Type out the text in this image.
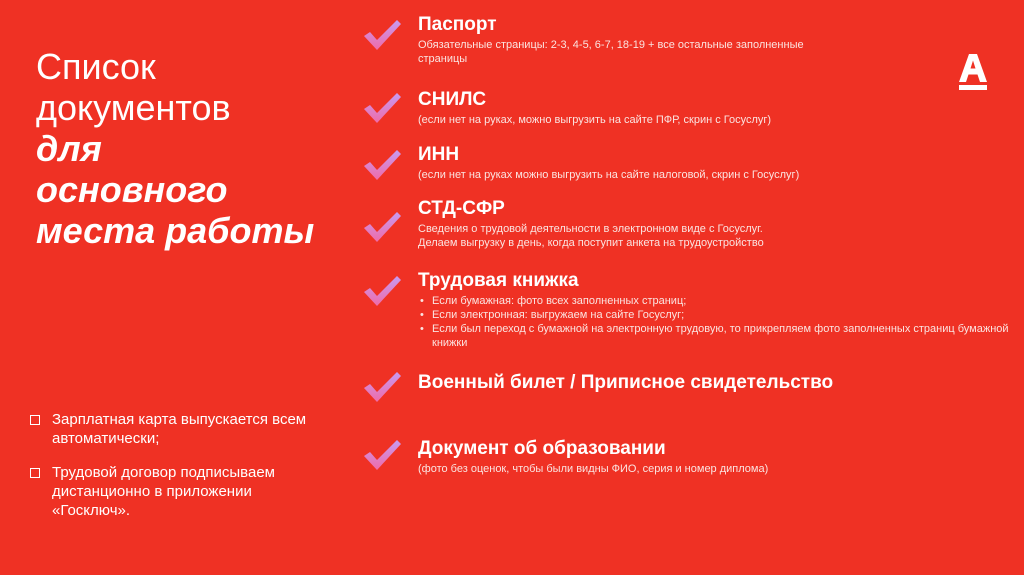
Список
документов
для
основного
места работы
Зарплатная карта выпускается всем автоматически;
Трудовой договор подписываем дистанционно в приложении «Госключ».
Паспорт
Обязательные страницы: 2-3, 4-5, 6-7, 18-19 + все остальные заполненные
страницы
СНИЛС
(если нет на руках, можно выгрузить на сайте ПФР, скрин с Госуслуг)
ИНН
(если нет на руках можно выгрузить на сайте налоговой, скрин с Госуслуг)
СТД-СФР
Сведения о трудовой деятельности в электронном виде с Госуслуг.
Делаем выгрузку в день, когда поступит анкета на трудоустройство
Трудовая книжка
• Если бумажная: фото всех заполненных страниц;
• Если электронная: выгружаем на сайте Госуслуг;
• Если был переход с бумажной на электронную трудовую, то прикрепляем фото заполненных страниц бумажной книжки
Военный билет / Приписное свидетельство
Документ об образовании
(фото без оценок, чтобы были видны ФИО, серия и номер диплома)
